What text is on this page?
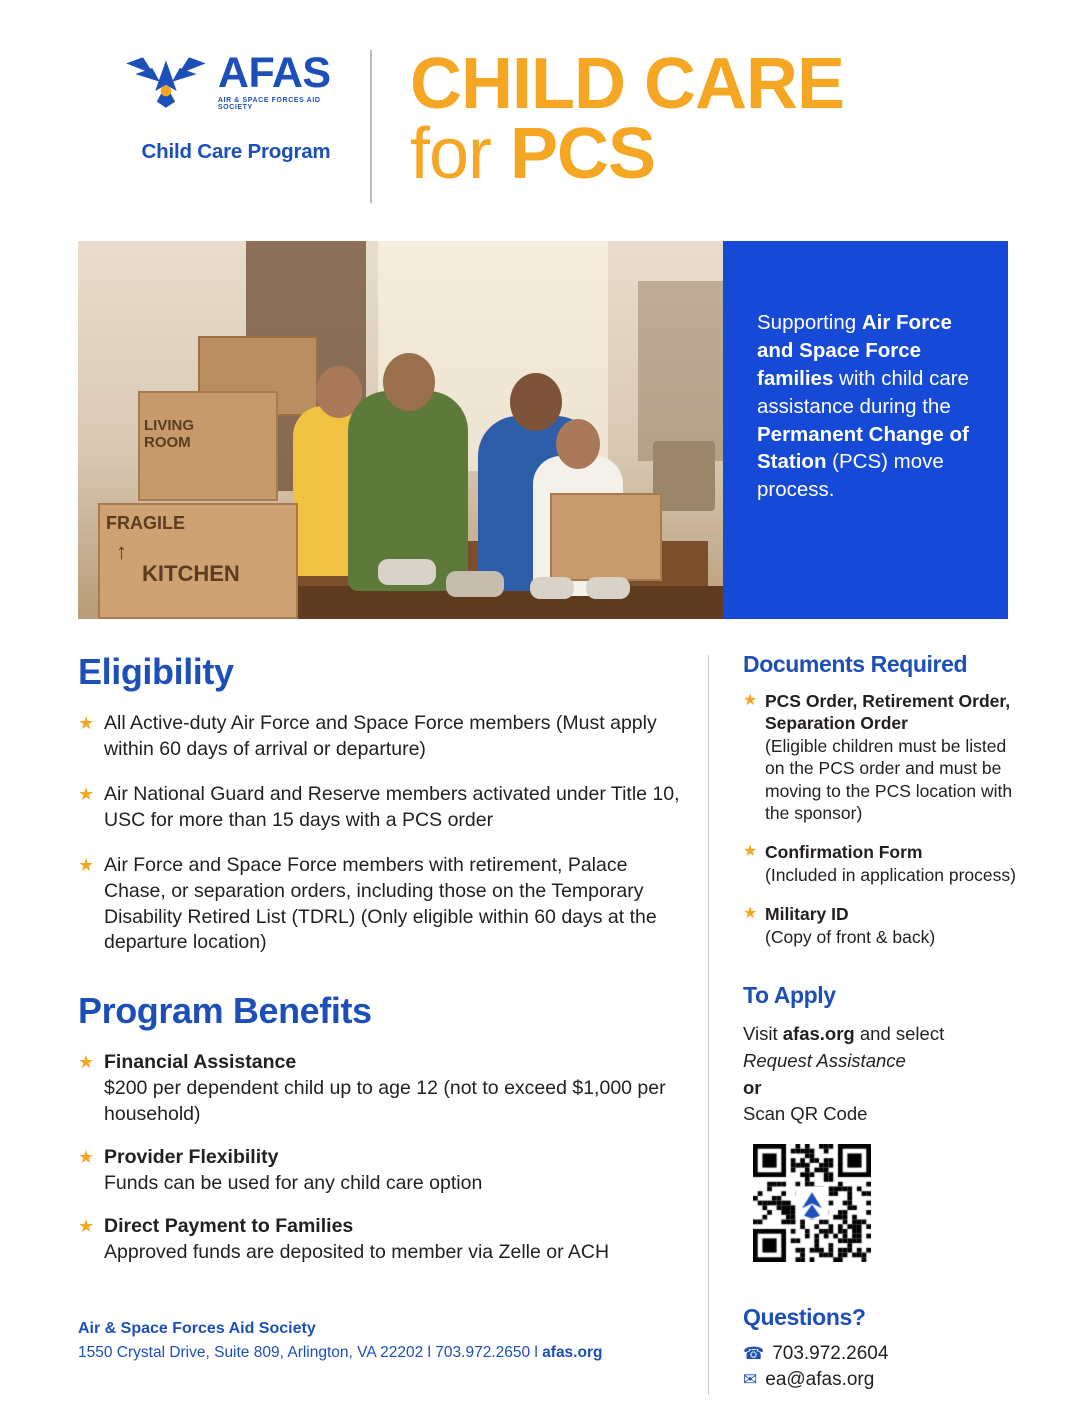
AFAS
AIR & SPACE FORCES AID SOCIETY
Child Care Program
CHILD CARE
for PCS
LIVING
ROOM
FRAGILE
↑
KITCHEN
Supporting Air Force and Space Force families with child care assistance during the Permanent Change of Station (PCS) move process.
Eligibility
★ All Active-duty Air Force and Space Force members (Must apply within 60 days of arrival or departure)
★ Air National Guard and Reserve members activated under Title 10, USC for more than 15 days with a PCS order
★ Air Force and Space Force members with retirement, Palace Chase, or separation orders, including those on the Temporary Disability Retired List (TDRL) (Only eligible within 60 days at the departure location)
Program Benefits
★ Financial Assistance
$200 per dependent child up to age 12 (not to exceed $1,000 per household)
★ Provider Flexibility
Funds can be used for any child care option
★ Direct Payment to Families
Approved funds are deposited to member via Zelle or ACH
Documents Required
★ PCS Order, Retirement Order, Separation Order
(Eligible children must be listed on the PCS order and must be moving to the PCS location with the sponsor)
★ Confirmation Form
(Included in application process)
★ Military ID
(Copy of front & back)
To Apply
Visit afas.org and select
Request Assistance
or
Scan QR Code
Questions?
☎ 703.972.2604
✉ ea@afas.org
Air & Space Forces Aid Society
1550 Crystal Drive, Suite 809, Arlington, VA 22202 l 703.972.2650 l afas.org
